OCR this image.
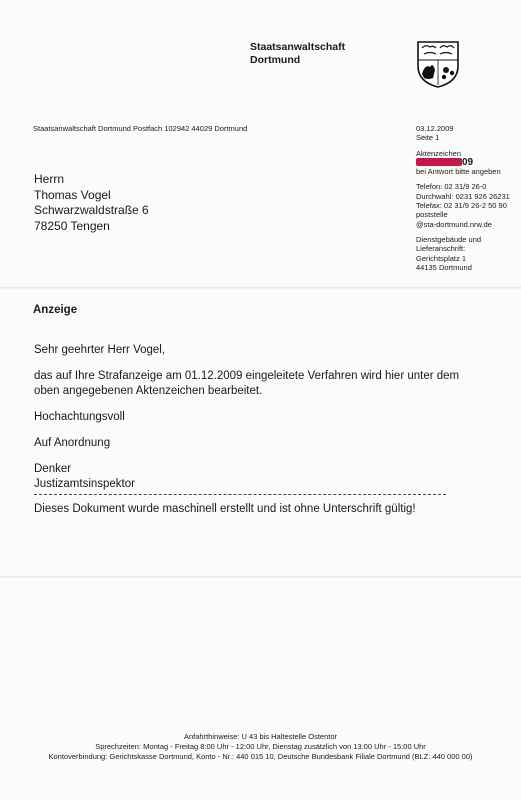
Staatsanwaltschaft
Dortmund
Staatsanwaltschaft Dortmund Postfach 102942 44029 Dortmund
Herrn
Thomas Vogel
Schwarzwaldstraße 6
78250 Tengen
03.12.2009
Seite 1
Aktenzeichen
09
bei Antwort bitte angeben
Telefon: 02 31/9 26-0
Durchwahl: 0231 926 26231
Telefax: 02 31/9 26-2 50 90
poststelle
@sta-dortmund.nrw.de
Dienstgebäude und
Lieferanschrift:
Gerichtsplatz 1
44135 Dortmund
Anzeige
Sehr geehrter Herr Vogel,
das auf Ihre Strafanzeige am 01.12.2009 eingeleitete Verfahren wird hier unter dem
oben angegebenen Aktenzeichen bearbeitet.
Hochachtungsvoll
Auf Anordnung
Denker
Justizamtsinspektor
Dieses Dokument wurde maschinell erstellt und ist ohne Unterschrift gültig!
Anfahrthinweise: U 43 bis Haltestelle Ostentor
Sprechzeiten: Montag - Freitag 8:00 Uhr - 12:00 Uhr, Dienstag zusätzlich von 13:00 Uhr - 15:00 Uhr
Kontoverbindung: Gerichtskasse Dortmund, Konto - Nr.: 440 015 10, Deutsche Bundesbank Filiale Dortmund (BLZ: 440 000 00)
